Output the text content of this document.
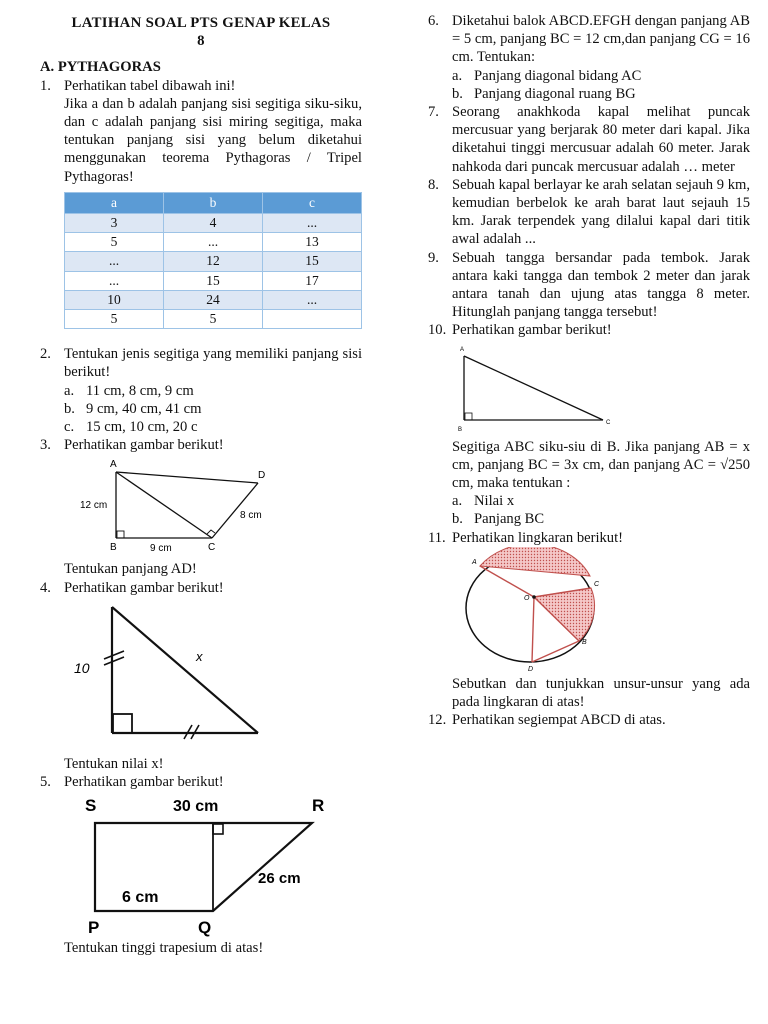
LATIHAN SOAL PTS GENAP KELAS
8
A. PYTHAGORAS
1. Perhatikan tabel dibawah ini!
Jika a dan b adalah panjang sisi segitiga siku-siku, dan c adalah panjang sisi miring segitiga, maka tentukan panjang sisi yang belum diketahui menggunakan teorema Pythagoras / Tripel Pythagoras!
a	b	c
3	4	...
5	...	13
...	12	15
...	15	17
10	24	...
5	5	
2. Tentukan jenis segitiga yang memiliki panjang sisi berikut!
a. 11 cm, 8 cm, 9 cm
b. 9 cm, 40 cm, 41 cm
c. 15 cm, 10 cm, 20 c
3. Perhatikan gambar berikut!
A
B	C
D
12 cm
9 cm
8 cm
Tentukan panjang AD!
4. Perhatikan gambar berikut!
10
x
Tentukan nilai x!
5. Perhatikan gambar berikut!
S	R
P	Q
30 cm
26 cm
6 cm
Tentukan tinggi trapesium di atas!
6. Diketahui balok ABCD.EFGH dengan panjang AB = 5 cm, panjang BC = 12 cm,dan panjang CG = 16 cm. Tentukan:
a. Panjang diagonal bidang AC
b. Panjang diagonal ruang BG
7. Seorang anakhkoda kapal melihat puncak mercusuar yang berjarak 80 meter dari kapal. Jika diketahui tinggi mercusuar adalah 60 meter. Jarak nahkoda dari puncak mercusuar adalah … meter
8. Sebuah kapal berlayar ke arah selatan sejauh 9 km, kemudian berbelok ke arah barat laut sejauh 15 km. Jarak terpendek yang dilalui kapal dari titik awal adalah ...
9. Sebuah tangga bersandar pada tembok. Jarak antara kaki tangga dan tembok 2 meter dan jarak antara tanah dan ujung atas tangga 8 meter. Hitunglah panjang tangga tersebut!
10. Perhatikan gambar berikut!
A
B
C
Segitiga ABC siku-siu di B. Jika panjang AB = x cm, panjang BC = 3x cm, dan panjang AC = √250 cm, maka tentukan :
a. Nilai x
b. Panjang BC
11. Perhatikan lingkaran berikut!
A
C
O
B
D
Sebutkan dan tunjukkan unsur-unsur yang ada pada lingkaran di atas!
12. Perhatikan segiempat ABCD di atas.
